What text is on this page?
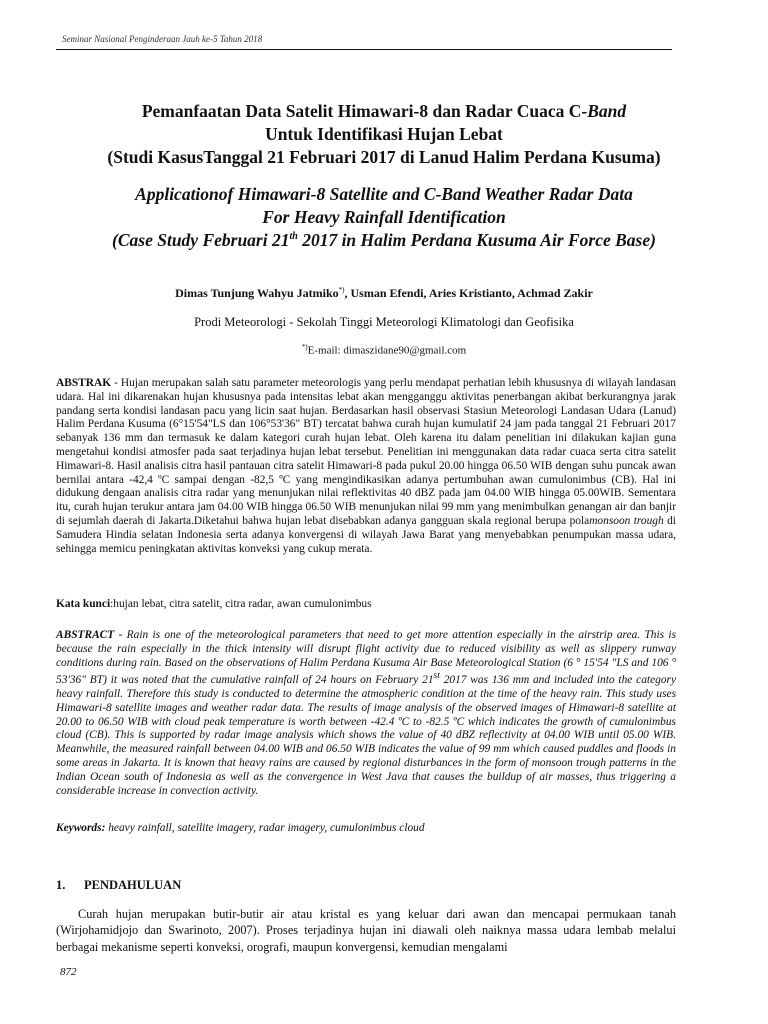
Seminar Nasional Penginderaan Jauh ke-5 Tahun 2018
Pemanfaatan Data Satelit Himawari-8 dan Radar Cuaca C-Band
Untuk Identifikasi Hujan Lebat
(Studi KasusTanggal 21 Februari 2017 di Lanud Halim Perdana Kusuma)
Applicationof Himawari-8 Satellite and C-Band Weather Radar Data
For Heavy Rainfall Identification
(Case Study Februari 21th 2017 in Halim Perdana Kusuma Air Force Base)
Dimas Tunjung Wahyu Jatmiko*), Usman Efendi, Aries Kristianto, Achmad Zakir
Prodi Meteorologi - Sekolah Tinggi Meteorologi Klimatologi dan Geofisika
*)E-mail: dimaszidane90@gmail.com
ABSTRAK - Hujan merupakan salah satu parameter meteorologis yang perlu mendapat perhatian lebih khususnya di wilayah landasan udara. Hal ini dikarenakan hujan khususnya pada intensitas lebat akan mengganggu aktivitas penerbangan akibat berkurangnya jarak pandang serta kondisi landasan pacu yang licin saat hujan. Berdasarkan hasil observasi Stasiun Meteorologi Landasan Udara (Lanud) Halim Perdana Kusuma (6°15'54"LS dan 106°53'36" BT) tercatat bahwa curah hujan kumulatif 24 jam pada tanggal 21 Februari 2017 sebanyak 136 mm dan termasuk ke dalam kategori curah hujan lebat. Oleh karena itu dalam penelitian ini dilakukan kajian guna mengetahui kondisi atmosfer pada saat terjadinya hujan lebat tersebut. Penelitian ini menggunakan data radar cuaca serta citra satelit Himawari-8. Hasil analisis citra hasil pantauan citra satelit Himawari-8 pada pukul 20.00 hingga 06.50 WIB dengan suhu puncak awan bernilai antara -42,4 ºC sampai dengan -82,5 ºC yang mengindikasikan adanya pertumbuhan awan cumulonimbus (CB). Hal ini didukung dengaan analisis citra radar yang menunjukan nilai reflektivitas 40 dBZ pada jam 04.00 WIB hingga 05.00WIB. Sementara itu, curah hujan terukur antara jam 04.00 WIB hingga 06.50 WIB menunjukan nilai 99 mm yang menimbulkan genangan air dan banjir di sejumlah daerah di Jakarta.Diketahui bahwa hujan lebat disebabkan adanya gangguan skala regional berupa polamonsoon trough di Samudera Hindia selatan Indonesia serta adanya konvergensi di wilayah Jawa Barat yang menyebabkan penumpukan massa udara, sehingga memicu peningkatan aktivitas konveksi yang cukup merata.
Kata kunci:hujan lebat, citra satelit, citra radar, awan cumulonimbus
ABSTRACT - Rain is one of the meteorological parameters that need to get more attention especially in the airstrip area. This is because the rain especially in the thick intensity will disrupt flight activity due to reduced visibility as well as slippery runway conditions during rain. Based on the observations of Halim Perdana Kusuma Air Base Meteorological Station (6 ° 15'54 "LS and 106 ° 53'36" BT) it was noted that the cumulative rainfall of 24 hours on February 21st 2017 was 136 mm and included into the category heavy rainfall. Therefore this study is conducted to determine the atmospheric condition at the time of the heavy rain. This study uses Himawari-8 satellite images and weather radar data. The results of image analysis of the observed images of Himawari-8 satellite at 20.00 to 06.50 WIB with cloud peak temperature is worth between -42.4 ºC to -82.5 ºC which indicates the growth of cumulonimbus cloud (CB). This is supported by radar image analysis which shows the value of 40 dBZ reflectivity at 04.00 WIB until 05.00 WIB. Meanwhile, the measured rainfall between 04.00 WIB and 06.50 WIB indicates the value of 99 mm which caused puddles and floods in some areas in Jakarta. It is known that heavy rains are caused by regional disturbances in the form of monsoon trough patterns in the Indian Ocean south of Indonesia as well as the convergence in West Java that causes the buildup of air masses, thus triggering a considerable increase in convection activity.
Keywords: heavy rainfall, satellite imagery, radar imagery, cumulonimbus cloud
1. PENDAHULUAN
Curah hujan merupakan butir-butir air atau kristal es yang keluar dari awan dan mencapai permukaan tanah (Wirjohamidjojo dan Swarinoto, 2007). Proses terjadinya hujan ini diawali oleh naiknya massa udara lembab melalui berbagai mekanisme seperti konveksi, orografi, maupun konvergensi, kemudian mengalami
872
